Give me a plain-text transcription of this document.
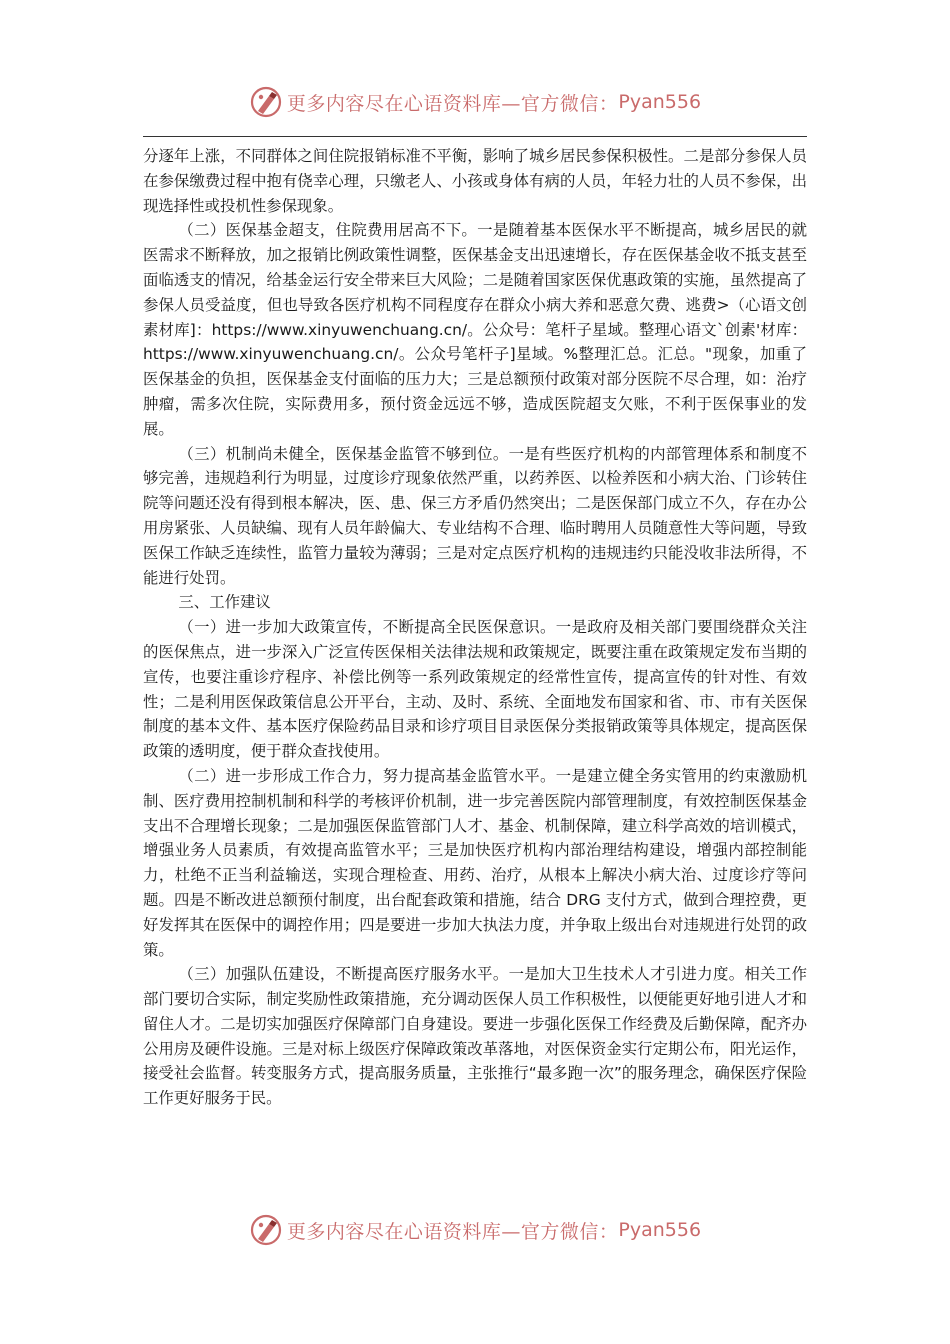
更多内容尽在心语资料库—官方微信： Pyan556

分逐年上涨，不同群体之间住院报销标准不平衡，影响了城乡居民参保积极性。二是部分参保人员在参保缴费过程中抱有侥幸心理，只缴老人、小孩或身体有病的人员，年轻力壮的人员不参保，出现选择性或投机性参保现象。

（二）医保基金超支，住院费用居高不下。一是随着基本医保水平不断提高，城乡居民的就医需求不断释放，加之报销比例政策性调整，医保基金支出迅速增长，存在医保基金收不抵支甚至面临透支的情况，给基金运行安全带来巨大风险；二是随着国家医保优惠政策的实施，虽然提高了参保人员受益度，但也导致各医疗机构不同程度存在群众小病大养和恶意欠费、逃费>（心语文创素材库]：https://www.xinyuwenchuang.cn/。公众号：笔杆子星域。整理心语文`创素'材库：https://www.xinyuwenchuang.cn/。公众号笔杆子]星域。%整理汇总。汇总。"现象，加重了医保基金的负担，医保基金支付面临的压力大；三是总额预付政策对部分医院不尽合理，如：治疗肿瘤，需多次住院，实际费用多，预付资金远远不够，造成医院超支欠账，不利于医保事业的发展。

（三）机制尚未健全，医保基金监管不够到位。一是有些医疗机构的内部管理体系和制度不够完善，违规趋利行为明显，过度诊疗现象依然严重，以药养医、以检养医和小病大治、门诊转住院等问题还没有得到根本解决，医、患、保三方矛盾仍然突出；二是医保部门成立不久，存在办公用房紧张、人员缺编、现有人员年龄偏大、专业结构不合理、临时聘用人员随意性大等问题，导致医保工作缺乏连续性，监管力量较为薄弱；三是对定点医疗机构的违规违约只能没收非法所得，不能进行处罚。

三、工作建议

（一）进一步加大政策宣传，不断提高全民医保意识。一是政府及相关部门要围绕群众关注的医保焦点，进一步深入广泛宣传医保相关法律法规和政策规定，既要注重在政策规定发布当期的宣传，也要注重诊疗程序、补偿比例等一系列政策规定的经常性宣传，提高宣传的针对性、有效性；二是利用医保政策信息公开平台，主动、及时、系统、全面地发布国家和省、市、市有关医保制度的基本文件、基本医疗保险药品目录和诊疗项目目录医保分类报销政策等具体规定，提高医保政策的透明度，便于群众查找使用。

（二）进一步形成工作合力，努力提高基金监管水平。一是建立健全务实管用的约束激励机制、医疗费用控制机制和科学的考核评价机制，进一步完善医院内部管理制度，有效控制医保基金支出不合理增长现象；二是加强医保监管部门人才、基金、机制保障，建立科学高效的培训模式，增强业务人员素质，有效提高监管水平；三是加快医疗机构内部治理结构建设，增强内部控制能力，杜绝不正当利益输送，实现合理检查、用药、治疗，从根本上解决小病大治、过度诊疗等问题。四是不断改进总额预付制度，出台配套政策和措施，结合 DRG 支付方式，做到合理控费，更好发挥其在医保中的调控作用；四是要进一步加大执法力度，并争取上级出台对违规进行处罚的政策。

（三）加强队伍建设，不断提高医疗服务水平。一是加大卫生技术人才引进力度。相关工作部门要切合实际，制定奖励性政策措施，充分调动医保人员工作积极性，以便能更好地引进人才和留住人才。二是切实加强医疗保障部门自身建设。要进一步强化医保工作经费及后勤保障，配齐办公用房及硬件设施。三是对标上级医疗保障政策改革落地，对医保资金实行定期公布，阳光运作，接受社会监督。转变服务方式，提高服务质量，主张推行“最多跑一次”的服务理念，确保医疗保险工作更好服务于民。

更多内容尽在心语资料库—官方微信： Pyan556
